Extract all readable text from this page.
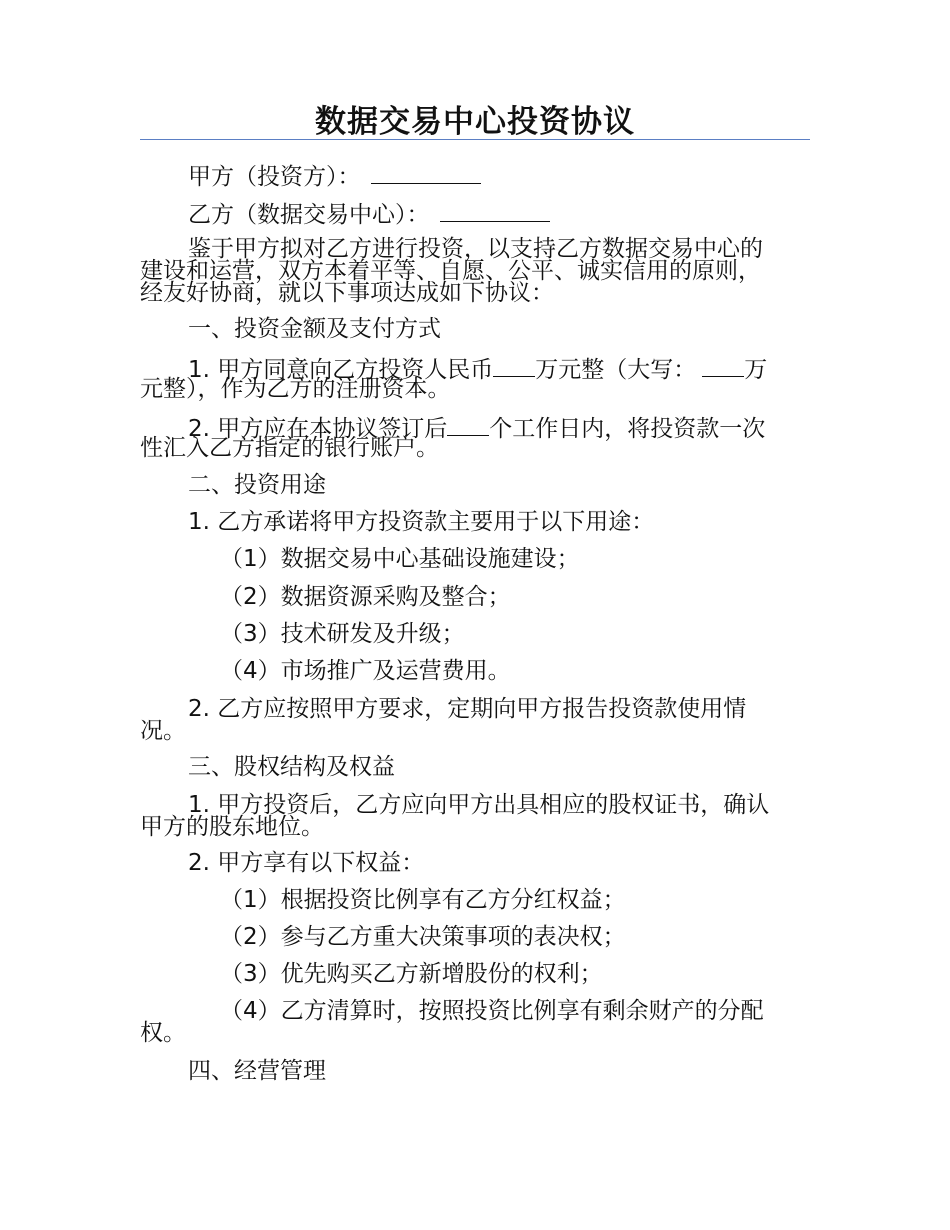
数据交易中心投资协议

甲方（投资方）：

乙方（数据交易中心）：

鉴于甲方拟对乙方进行投资，以支持乙方数据交易中心的

建设和运营，双方本着平等、自愿、公平、诚实信用的原则，

经友好协商，就以下事项达成如下协议：

一、投资金额及支付方式

1. 甲方同意向乙方投资人民币 万元整（大写： 万

元整），作为乙方的注册资本。

2. 甲方应在本协议签订后 个工作日内，将投资款一次

性汇入乙方指定的银行账户。

二、投资用途

1. 乙方承诺将甲方投资款主要用于以下用途：

（1）数据交易中心基础设施建设；

（2）数据资源采购及整合；

（3）技术研发及升级；

（4）市场推广及运营费用。

2. 乙方应按照甲方要求，定期向甲方报告投资款使用情

况。

三、股权结构及权益

1. 甲方投资后，乙方应向甲方出具相应的股权证书，确认

甲方的股东地位。

2. 甲方享有以下权益：

（1）根据投资比例享有乙方分红权益；

（2）参与乙方重大决策事项的表决权；

（3）优先购买乙方新增股份的权利；

（4）乙方清算时，按照投资比例享有剩余财产的分配

权。

四、经营管理
